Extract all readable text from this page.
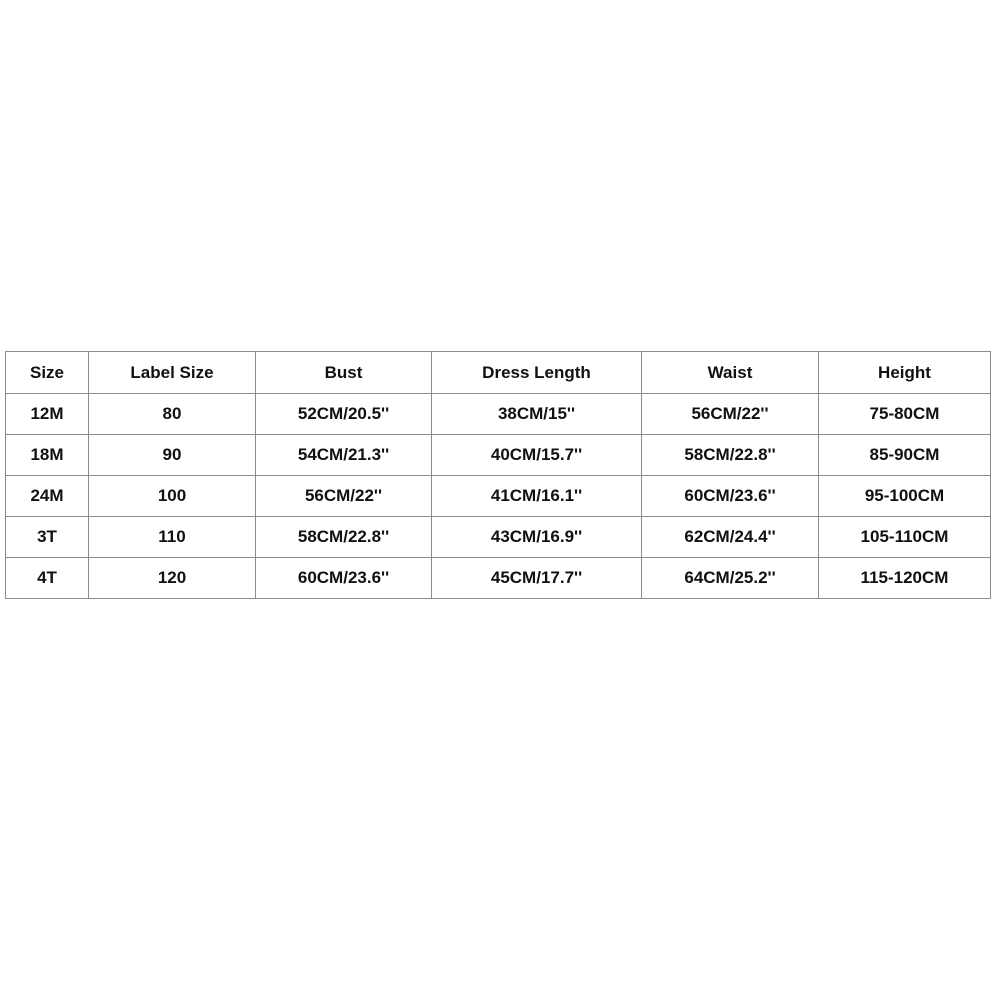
Size	Label Size	Bust	Dress Length	Waist	Height
12M	80	52CM/20.5''	38CM/15''	56CM/22''	75-80CM
18M	90	54CM/21.3''	40CM/15.7''	58CM/22.8''	85-90CM
24M	100	56CM/22''	41CM/16.1''	60CM/23.6''	95-100CM
3T	110	58CM/22.8''	43CM/16.9''	62CM/24.4''	105-110CM
4T	120	60CM/23.6''	45CM/17.7''	64CM/25.2''	115-120CM
